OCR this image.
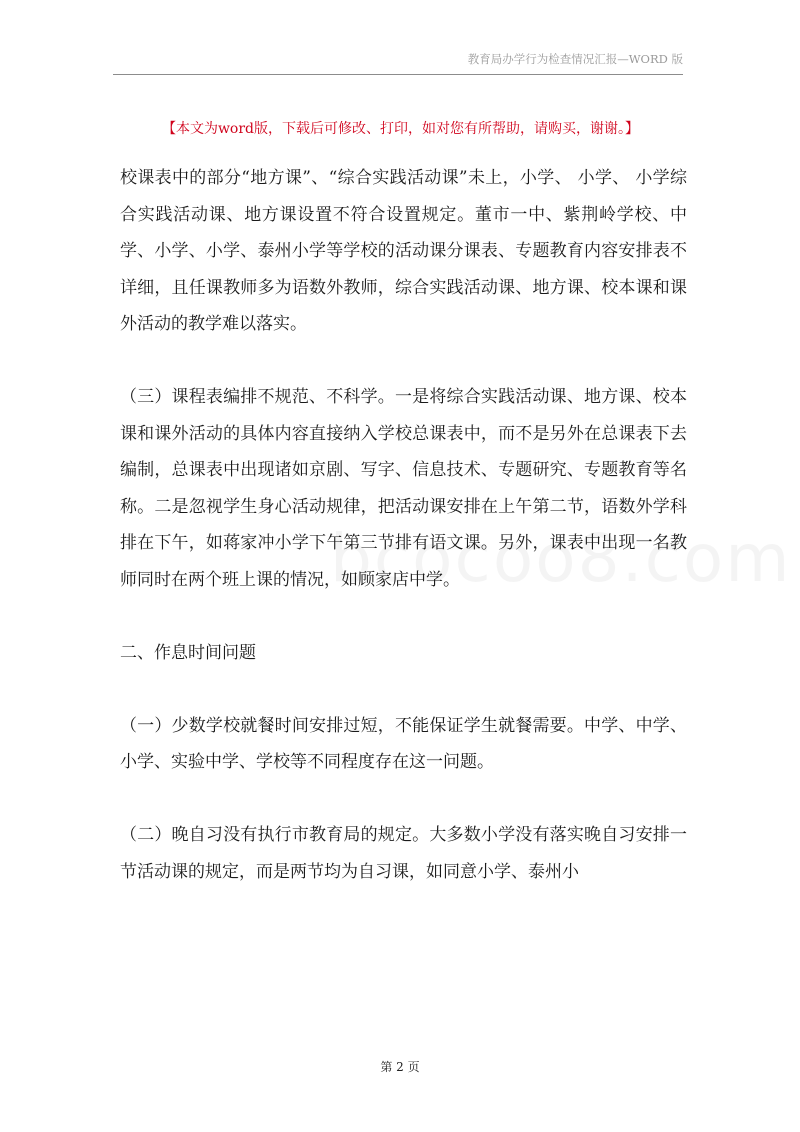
教育局办学行为检查情况汇报—WORD 版
【本文为word版，下载后可修改、打印，如对您有所帮助，请购买，谢谢。】

校课表中的部分“地方课”、“综合实践活动课”未上，小学、 小学、 小学综合实践活动课、地方课设置不符合设置规定。董市一中、紫荆岭学校、中学、小学、小学、泰州小学等学校的活动课分课表、专题教育内容安排表不详细，且任课教师多为语数外教师，综合实践活动课、地方课、校本课和课外活动的教学难以落实。

（三）课程表编排不规范、不科学。一是将综合实践活动课、地方课、校本课和课外活动的具体内容直接纳入学校总课表中，而不是另外在总课表下去编制，总课表中出现诸如京剧、写字、信息技术、专题研究、专题教育等名称。二是忽视学生身心活动规律，把活动课安排在上午第二节，语数外学科排在下午，如蒋家冲小学下午第三节排有语文课。另外，课表中出现一名教师同时在两个班上课的情况，如顾家店中学。

二、作息时间问题

（一）少数学校就餐时间安排过短，不能保证学生就餐需要。中学、中学、小学、实验中学、学校等不同程度存在这一问题。

（二）晚自习没有执行市教育局的规定。大多数小学没有落实晚自习安排一节活动课的规定，而是两节均为自习课，如同意小学、泰州小

第 2 页
